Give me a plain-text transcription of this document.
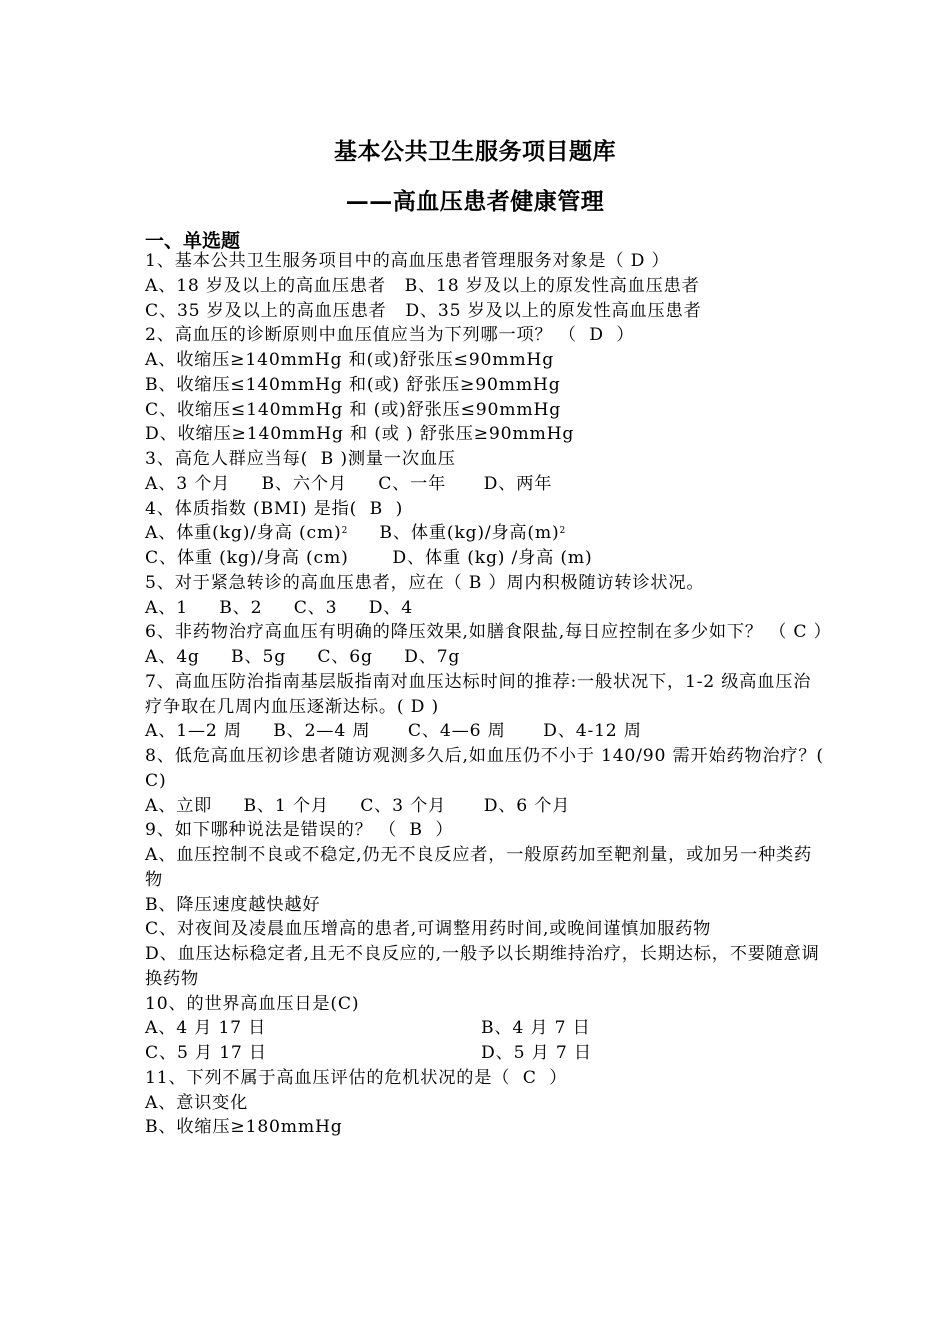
基本公共卫生服务项目题库
——高血压患者健康管理
一、单选题
1、基本公共卫生服务项目中的高血压患者管理服务对象是（ D ）
A、18 岁及以上的高血压患者   B、18 岁及以上的原发性高血压患者
C、35 岁及以上的高血压患者   D、35 岁及以上的原发性高血压患者
2、高血压的诊断原则中血压值应当为下列哪一项？ （  D  ）
A、收缩压≥140mmHg 和(或)舒张压≤90mmHg
B、收缩压≤140mmHg 和(或) 舒张压≥90mmHg
C、收缩压≤140mmHg 和 (或)舒张压≤90mmHg
D、收缩压≥140mmHg 和 (或 ) 舒张压≥90mmHg
3、高危人群应当每(  B )测量一次血压
A、3 个月     B、六个月     C、一年      D、两年
4、体质指数 (BMI) 是指(  B  )
A、体重(kg)/身高 (cm)$^2$     B、体重(kg)/身高$(m)^2$
C、体重 (kg)/身高 (cm)       D、体重 (kg) /身高 (m)
5、对于紧急转诊的高血压患者，应在（ B ）周内积极随访转诊状况。
A、1     B、2     C、3     D、4
6、非药物治疗高血压有明确的降压效果,如膳食限盐,每日应控制在多少如下？ （ C ）
A、4g     B、5g     C、6g     D、7g
7、高血压防治指南基层版指南对血压达标时间的推荐:一般状况下，1-2 级高血压治疗争取在几周内血压逐渐达标。( D )
A、1—2 周     B、2—4 周      C、4—6 周      D、4-12 周
8、低危高血压初诊患者随访观测多久后,如血压仍不小于 140/90 需开始药物治疗？( C)
A、立即     B、1 个月     C、3 个月      D、6 个月
9、如下哪种说法是错误的？ （  B  ）
A、血压控制不良或不稳定,仍无不良反应者，一般原药加至靶剂量，或加另一种类药物
B、降压速度越快越好
C、对夜间及凌晨血压增高的患者,可调整用药时间,或晚间谨慎加服药物
D、血压达标稳定者,且无不良反应的,一般予以长期维持治疗，长期达标，不要随意调换药物
10、的世界高血压日是(C)
A、4 月 17 日	B、4 月 7 日
C、5 月 17 日	D、5 月 7 日
11、下列不属于高血压评估的危机状况的是（  C  ）
A、意识变化
B、收缩压≥180mmHg
